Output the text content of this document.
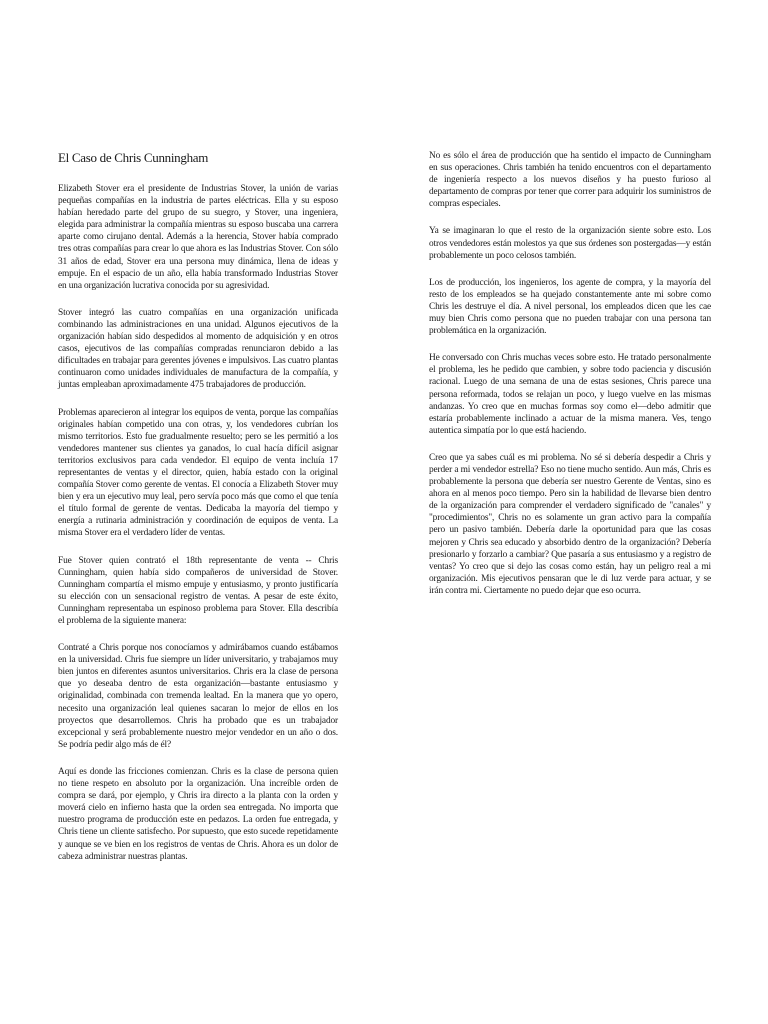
El Caso de Chris Cunningham

Elizabeth Stover era el presidente de Industrias Stover, la unión de varias pequeñas compañías en la industria de partes eléctricas. Ella y su esposo habían heredado parte del grupo de su suegro, y Stover, una ingeniera, elegida para administrar la compañía mientras su esposo buscaba una carrera aparte como cirujano dental. Además a la herencia, Stover había comprado tres otras compañías para crear lo que ahora es las Industrias Stover. Con sólo 31 años de edad, Stover era una persona muy dinámica, llena de ideas y empuje. En el espacio de un año, ella había transformado Industrias Stover en una organización lucrativa conocida por su agresividad.

Stover integró las cuatro compañías en una organización unificada combinando las administraciones en una unidad. Algunos ejecutivos de la organización habían sido despedidos al momento de adquisición y en otros casos, ejecutivos de las compañías compradas renunciaron debido a las dificultades en trabajar para gerentes jóvenes e impulsivos. Las cuatro plantas continuaron como unidades individuales de manufactura de la compañía, y juntas empleaban aproximadamente 475 trabajadores de producción.

Problemas aparecieron al integrar los equipos de venta, porque las compañías originales habían competido una con otras, y, los vendedores cubrían los mismo territorios. Esto fue gradualmente resuelto; pero se les permitió a los vendedores mantener sus clientes ya ganados, lo cual hacía difícil asignar territorios exclusivos para cada vendedor. El equipo de venta incluía 17 representantes de ventas y el director, quien, había estado con la original compañía Stover como gerente de ventas. El conocía a Elizabeth Stover muy bien y era un ejecutivo muy leal, pero servía poco más que como el que tenía el título formal de gerente de ventas. Dedicaba la mayoría del tiempo y energía a rutinaria administración y coordinación de equipos de venta. La misma Stover era el verdadero líder de ventas.

Fue Stover quien contrató el 18th representante de venta -- Chris Cunningham, quien había sido compañeros de universidad de Stover. Cunningham compartía el mismo empuje y entusiasmo, y pronto justificaría su elección con un sensacional registro de ventas. A pesar de este éxito, Cunningham representaba un espinoso problema para Stover. Ella describía el problema de la siguiente manera:

Contraté a Chris porque nos conocíamos y admirábamos cuando estábamos en la universidad. Chris fue siempre un líder universitario, y trabajamos muy bien juntos en diferentes asuntos universitarios. Chris era la clase de persona que yo deseaba dentro de esta organización—bastante entusiasmo y originalidad, combinada con tremenda lealtad. En la manera que yo opero, necesito una organización leal quienes sacaran lo mejor de ellos en los proyectos que desarrollemos. Chris ha probado que es un trabajador excepcional y será probablemente nuestro mejor vendedor en un año o dos. Se podría pedir algo más de él?

Aquí es donde las fricciones comienzan. Chris es la clase de persona quien no tiene respeto en absoluto por la organización. Una increíble orden de compra se dará, por ejemplo, y Chris ira directo a la planta con la orden y moverá cielo en infierno hasta que la orden sea entregada. No importa que nuestro programa de producción este en pedazos. La orden fue entregada, y Chris tiene un cliente satisfecho. Por supuesto, que esto sucede repetidamente y aunque se ve bien en los registros de ventas de Chris. Ahora es un dolor de cabeza administrar nuestras plantas.

No es sólo el área de producción que ha sentido el impacto de Cunningham en sus operaciones. Chris también ha tenido encuentros con el departamento de ingeniería respecto a los nuevos diseños y ha puesto furioso al departamento de compras por tener que correr para adquirir los suministros de compras especiales.

Ya se imaginaran lo que el resto de la organización siente sobre esto. Los otros vendedores están molestos ya que sus órdenes son postergadas—y están probablemente un poco celosos también.

Los de producción, los ingenieros, los agente de compra, y la mayoría del resto de los empleados se ha quejado constantemente ante mi sobre como Chris les destruye el día. A nivel personal, los empleados dicen que les cae muy bien Chris como persona que no pueden trabajar con una persona tan problemática en la organización.

He conversado con Chris muchas veces sobre esto. He tratado personalmente el problema, les he pedido que cambien, y sobre todo paciencia y discusión racional. Luego de una semana de una de estas sesiones, Chris parece una persona reformada, todos se relajan un poco, y luego vuelve en las mismas andanzas. Yo creo que en muchas formas soy como el—debo admitir que estaría probablemente inclinado a actuar de la misma manera. Ves, tengo autentica simpatía por lo que está haciendo.

Creo que ya sabes cuál es mi problema. No sé si debería despedir a Chris y perder a mi vendedor estrella? Eso no tiene mucho sentido. Aun más, Chris es probablemente la persona que debería ser nuestro Gerente de Ventas, sino es ahora en al menos poco tiempo. Pero sin la habilidad de llevarse bien dentro de la organización para comprender el verdadero significado de "canales" y "procedimientos", Chris no es solamente un gran activo para la compañía pero un pasivo también. Debería darle la oportunidad para que las cosas mejoren y Chris sea educado y absorbido dentro de la organización? Debería presionarlo y forzarlo a cambiar? Que pasaría a sus entusiasmo y a registro de ventas? Yo creo que si dejo las cosas como están, hay un peligro real a mi organización. Mis ejecutivos pensaran que le di luz verde para actuar, y se irán contra mi. Ciertamente no puedo dejar que eso ocurra.
